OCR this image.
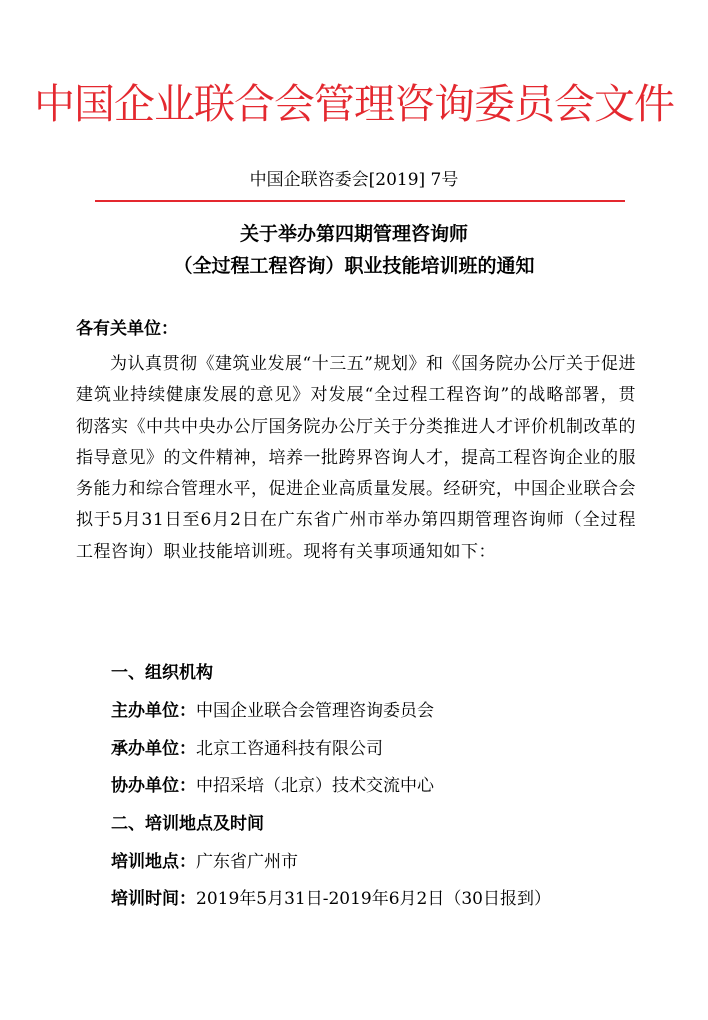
中国企业联合会管理咨询委员会文件
中国企联咨委会[2019] 7号
关于举办第四期管理咨询师
（全过程工程咨询）职业技能培训班的通知

各有关单位：

为认真贯彻《建筑业发展“十三五”规划》和《国务院办公厅关于促进建筑业持续健康发展的意见》对发展“全过程工程咨询”的战略部署，贯彻落实《中共中央办公厅国务院办公厅关于分类推进人才评价机制改革的指导意见》的文件精神，培养一批跨界咨询人才，提高工程咨询企业的服务能力和综合管理水平，促进企业高质量发展。经研究，中国企业联合会拟于5月31日至6月2日在广东省广州市举办第四期管理咨询师（全过程工程咨询）职业技能培训班。现将有关事项通知如下：

一、组织机构
主办单位：中国企业联合会管理咨询委员会
承办单位：北京工咨通科技有限公司
协办单位：中招采培（北京）技术交流中心
二、培训地点及时间
培训地点：广东省广州市
培训时间：2019年5月31日-2019年6月2日（30日报到）
